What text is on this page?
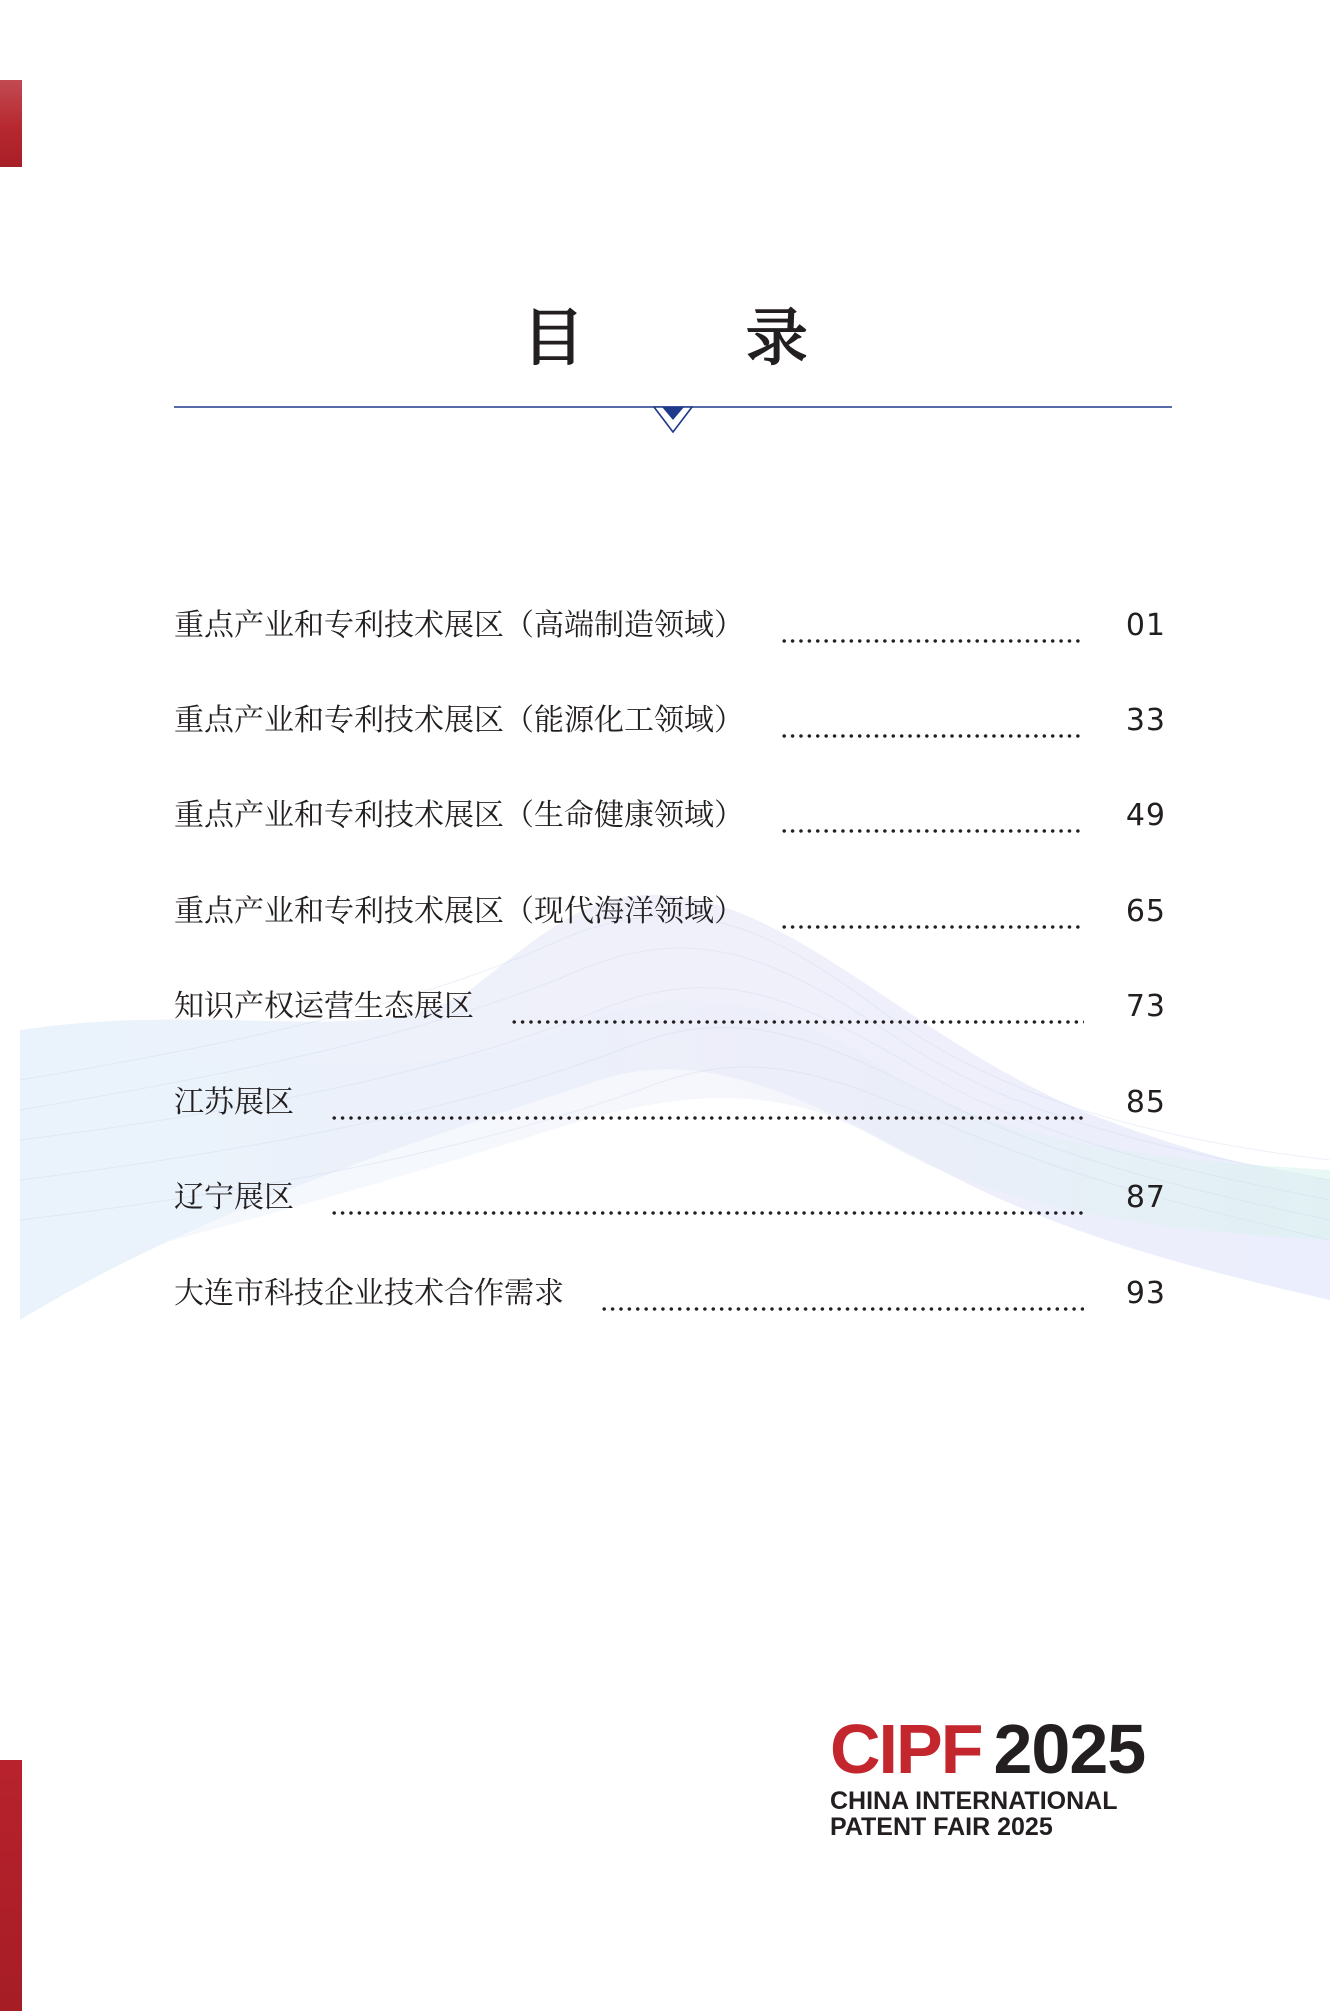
目 录
重点产业和专利技术展区（高端制造领域）	01
重点产业和专利技术展区（能源化工领域）	33
重点产业和专利技术展区（生命健康领域）	49
重点产业和专利技术展区（现代海洋领域）	65
知识产权运营生态展区	73
江苏展区	85
辽宁展区	87
大连市科技企业技术合作需求	93
CIPF 2025
CHINA INTERNATIONAL
PATENT FAIR 2025
